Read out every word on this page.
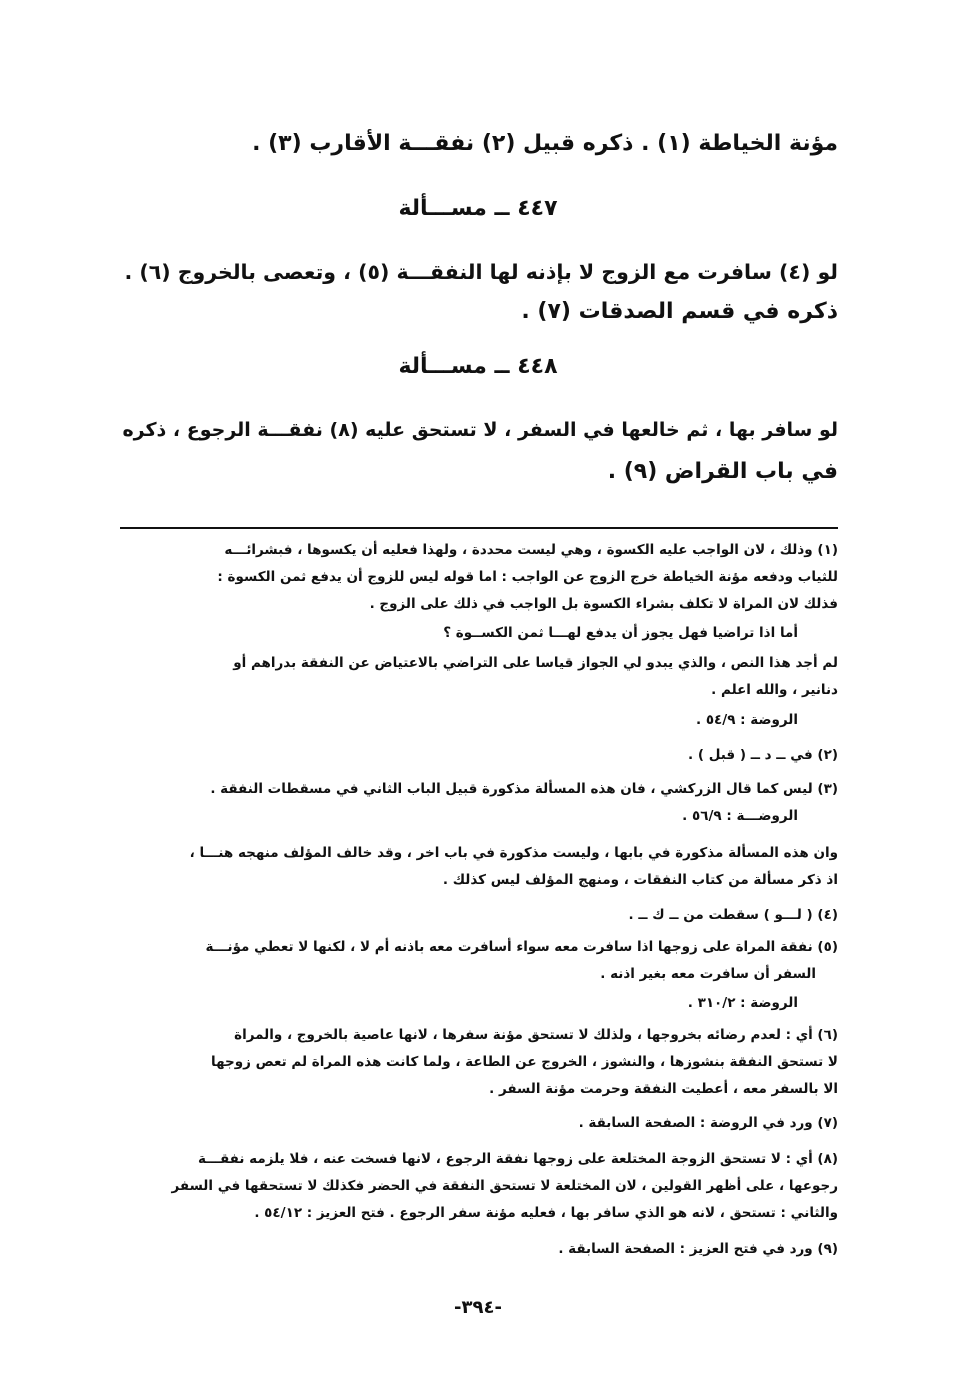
مؤنة الخياطة (١) . ذكره قبيل (٢) نفقـــة الأقارب (٣) .

٤٤٧ ــ مســـألة

لو (٤) سافرت مع الزوج لا بإذنه لها النفقـــة (٥) ، وتعصى بالخروج (٦) .

ذكره في قسم الصدقات (٧) .

٤٤٨ ــ مســـألة

لو سافر بها ، ثم خالعها في السفر ، لا تستحق عليه (٨) نفقـــة الرجوع ، ذكره

في باب القراض (٩) .

(١) وذلك ، لان الواجب عليه الكسوة ، وهي ليست محددة ، ولهذا فعليه أن يكسوها ، فبشرائـــه

للثياب ودفعه مؤنة الخياطة خرج الزوج عن الواجب : اما قوله ليس للزوج أن يدفع ثمن الكسوة :

فذلك لان المراة لا تكلف بشراء الكسوة بل الواجب في ذلك على الزوج .

أما اذا تراضيا فهل يجوز أن يدفع لهـــا ثمن الكســوة ؟

لم أجد هذا النص ، والذي يبدو لي الجواز قياسا على التراضي بالاعتياض عن النفقة بدراهم أو

دنانير ، والله اعلم .

الروضة : ٥٤/٩ .

(٢) في ــ د ــ ( قبل ) .

(٣) ليس كما قال الزركشي ، فان هذه المسألة مذكورة قبيل الباب الثاني في مسقطات النفقة .

الروضـــة : ٥٦/٩ .

وان هذه المسألة مذكورة في بابها ، وليست مذكورة في باب اخر ، وقد خالف المؤلف منهجه هنـــا ،

اذ ذكر مسألة من كتاب النفقات ، ومنهج المؤلف ليس كذلك .

(٤) ( لـــو ) سقطت من ــ ك ــ .

(٥) نفقة المراة على زوجها اذا سافرت معه سواء أسافرت معه باذنه أم لا ، لكنها لا تعطي مؤنـــة

السفر أن سافرت معه بغير اذنه .

الروضة : ٣١٠/٢ .

(٦) أي : لعدم رضائه بخروجها ، ولذلك لا تستحق مؤنة سفرها ، لانها عاصية بالخروج ، والمراة

لا تستحق النفقة بنشوزها ، والنشوز ، الخروج عن الطاعة ، ولما كانت هذه المراة لم تعص زوجها

الا بالسفر معه ، أعطيت النفقة وحرمت مؤنة السفر .

(٧) ورد في الروضة : الصفحة السابقة .

(٨) أي : لا تستحق الزوجة المختلعة على زوجها نفقة الرجوع ، لانها فسخت عنه ، فلا يلزمه نفقـــة

رجوعها ، على أظهر القولين ، لان المختلعة لا تستحق النفقة في الحضر فكذلك لا تستحقها في السفر

والثاني : تستحق ، لانه هو الذي سافر بها ، فعليه مؤنة سفر الرجوع . فتح العزيز : ٥٤/١٢ .

(٩) ورد في فتح العزيز : الصفحة السابقة .

-٣٩٤-
